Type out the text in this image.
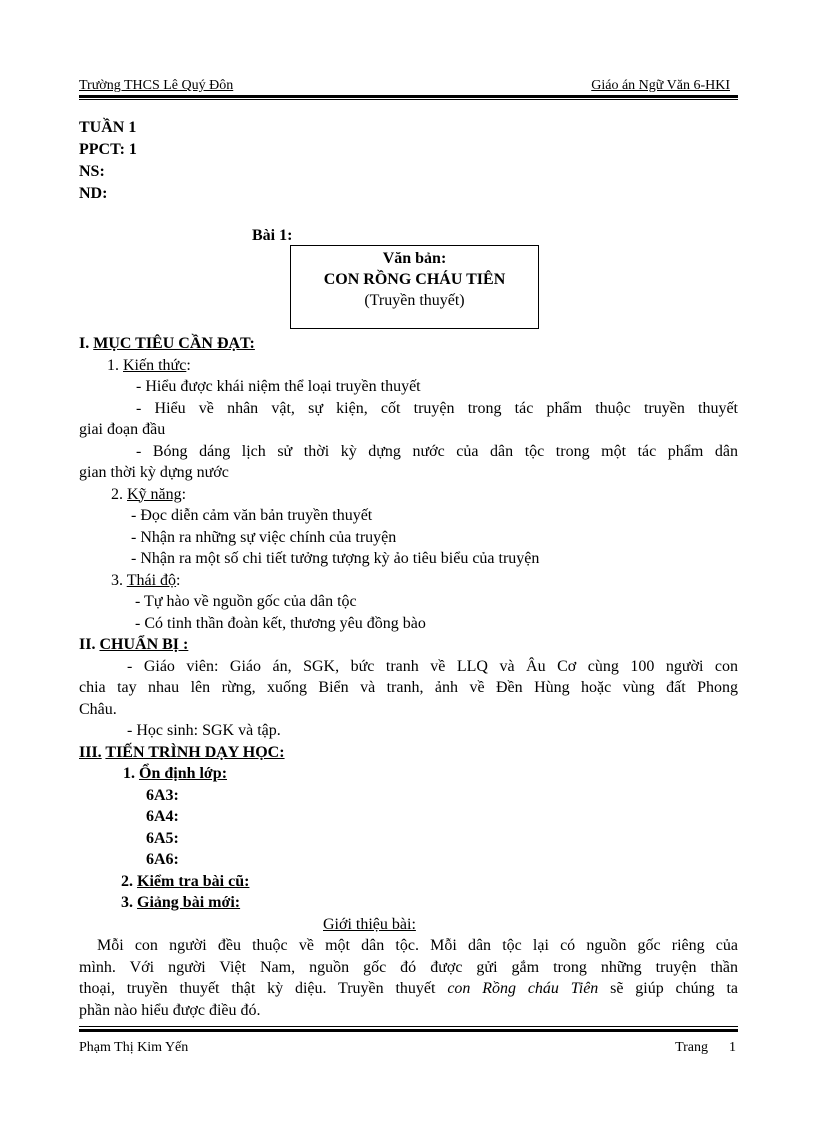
Trường THCS Lê Quý Đôn	Giáo án Ngữ Văn 6-HKI
TUẦN 1
PPCT: 1
NS:
ND:
Bài 1:
Văn bản:
CON RỒNG CHÁU TIÊN
(Truyền thuyết)
I. MỤC TIÊU CẦN ĐẠT:
1. Kiến thức:
- Hiểu được khái niệm thể loại truyền thuyết
- Hiểu về nhân vật, sự kiện, cốt truyện trong tác phẩm thuộc truyền thuyết
giai đoạn đầu
- Bóng dáng lịch sử thời kỳ dựng nước của dân tộc trong một tác phẩm dân
gian thời kỳ dựng nước
2. Kỹ năng:
- Đọc diễn cảm văn bản truyền thuyết
- Nhận ra những sự việc chính của truyện
- Nhận ra một số chi tiết tưởng tượng kỳ ảo tiêu biểu của truyện
3. Thái độ:
- Tự hào về nguồn gốc của dân tộc
- Có tinh thần đoàn kết, thương yêu đồng bào
II. CHUẨN BỊ :
- Giáo viên: Giáo án, SGK, bức tranh về LLQ và Âu Cơ cùng 100 người con
chia tay nhau lên rừng, xuống Biển và tranh, ảnh về Đền Hùng hoặc vùng đất Phong
Châu.
- Học sinh: SGK và tập.
III. TIẾN TRÌNH DẠY HỌC:
1. Ổn định lớp:
6A3:
6A4:
6A5:
6A6:
2. Kiểm tra bài cũ:
3. Giảng bài mới:
Giới thiệu bài:
Mỗi con người đều thuộc về một dân tộc. Mỗi dân tộc lại có nguồn gốc riêng của
mình. Với người Việt Nam, nguồn gốc đó được gửi gắm trong những truyện thần
thoại, truyền thuyết thật kỳ diệu. Truyền thuyết con Rồng cháu Tiên sẽ giúp chúng ta
phần nào hiểu được điều đó.
Phạm Thị Kim Yến	Trang 1
